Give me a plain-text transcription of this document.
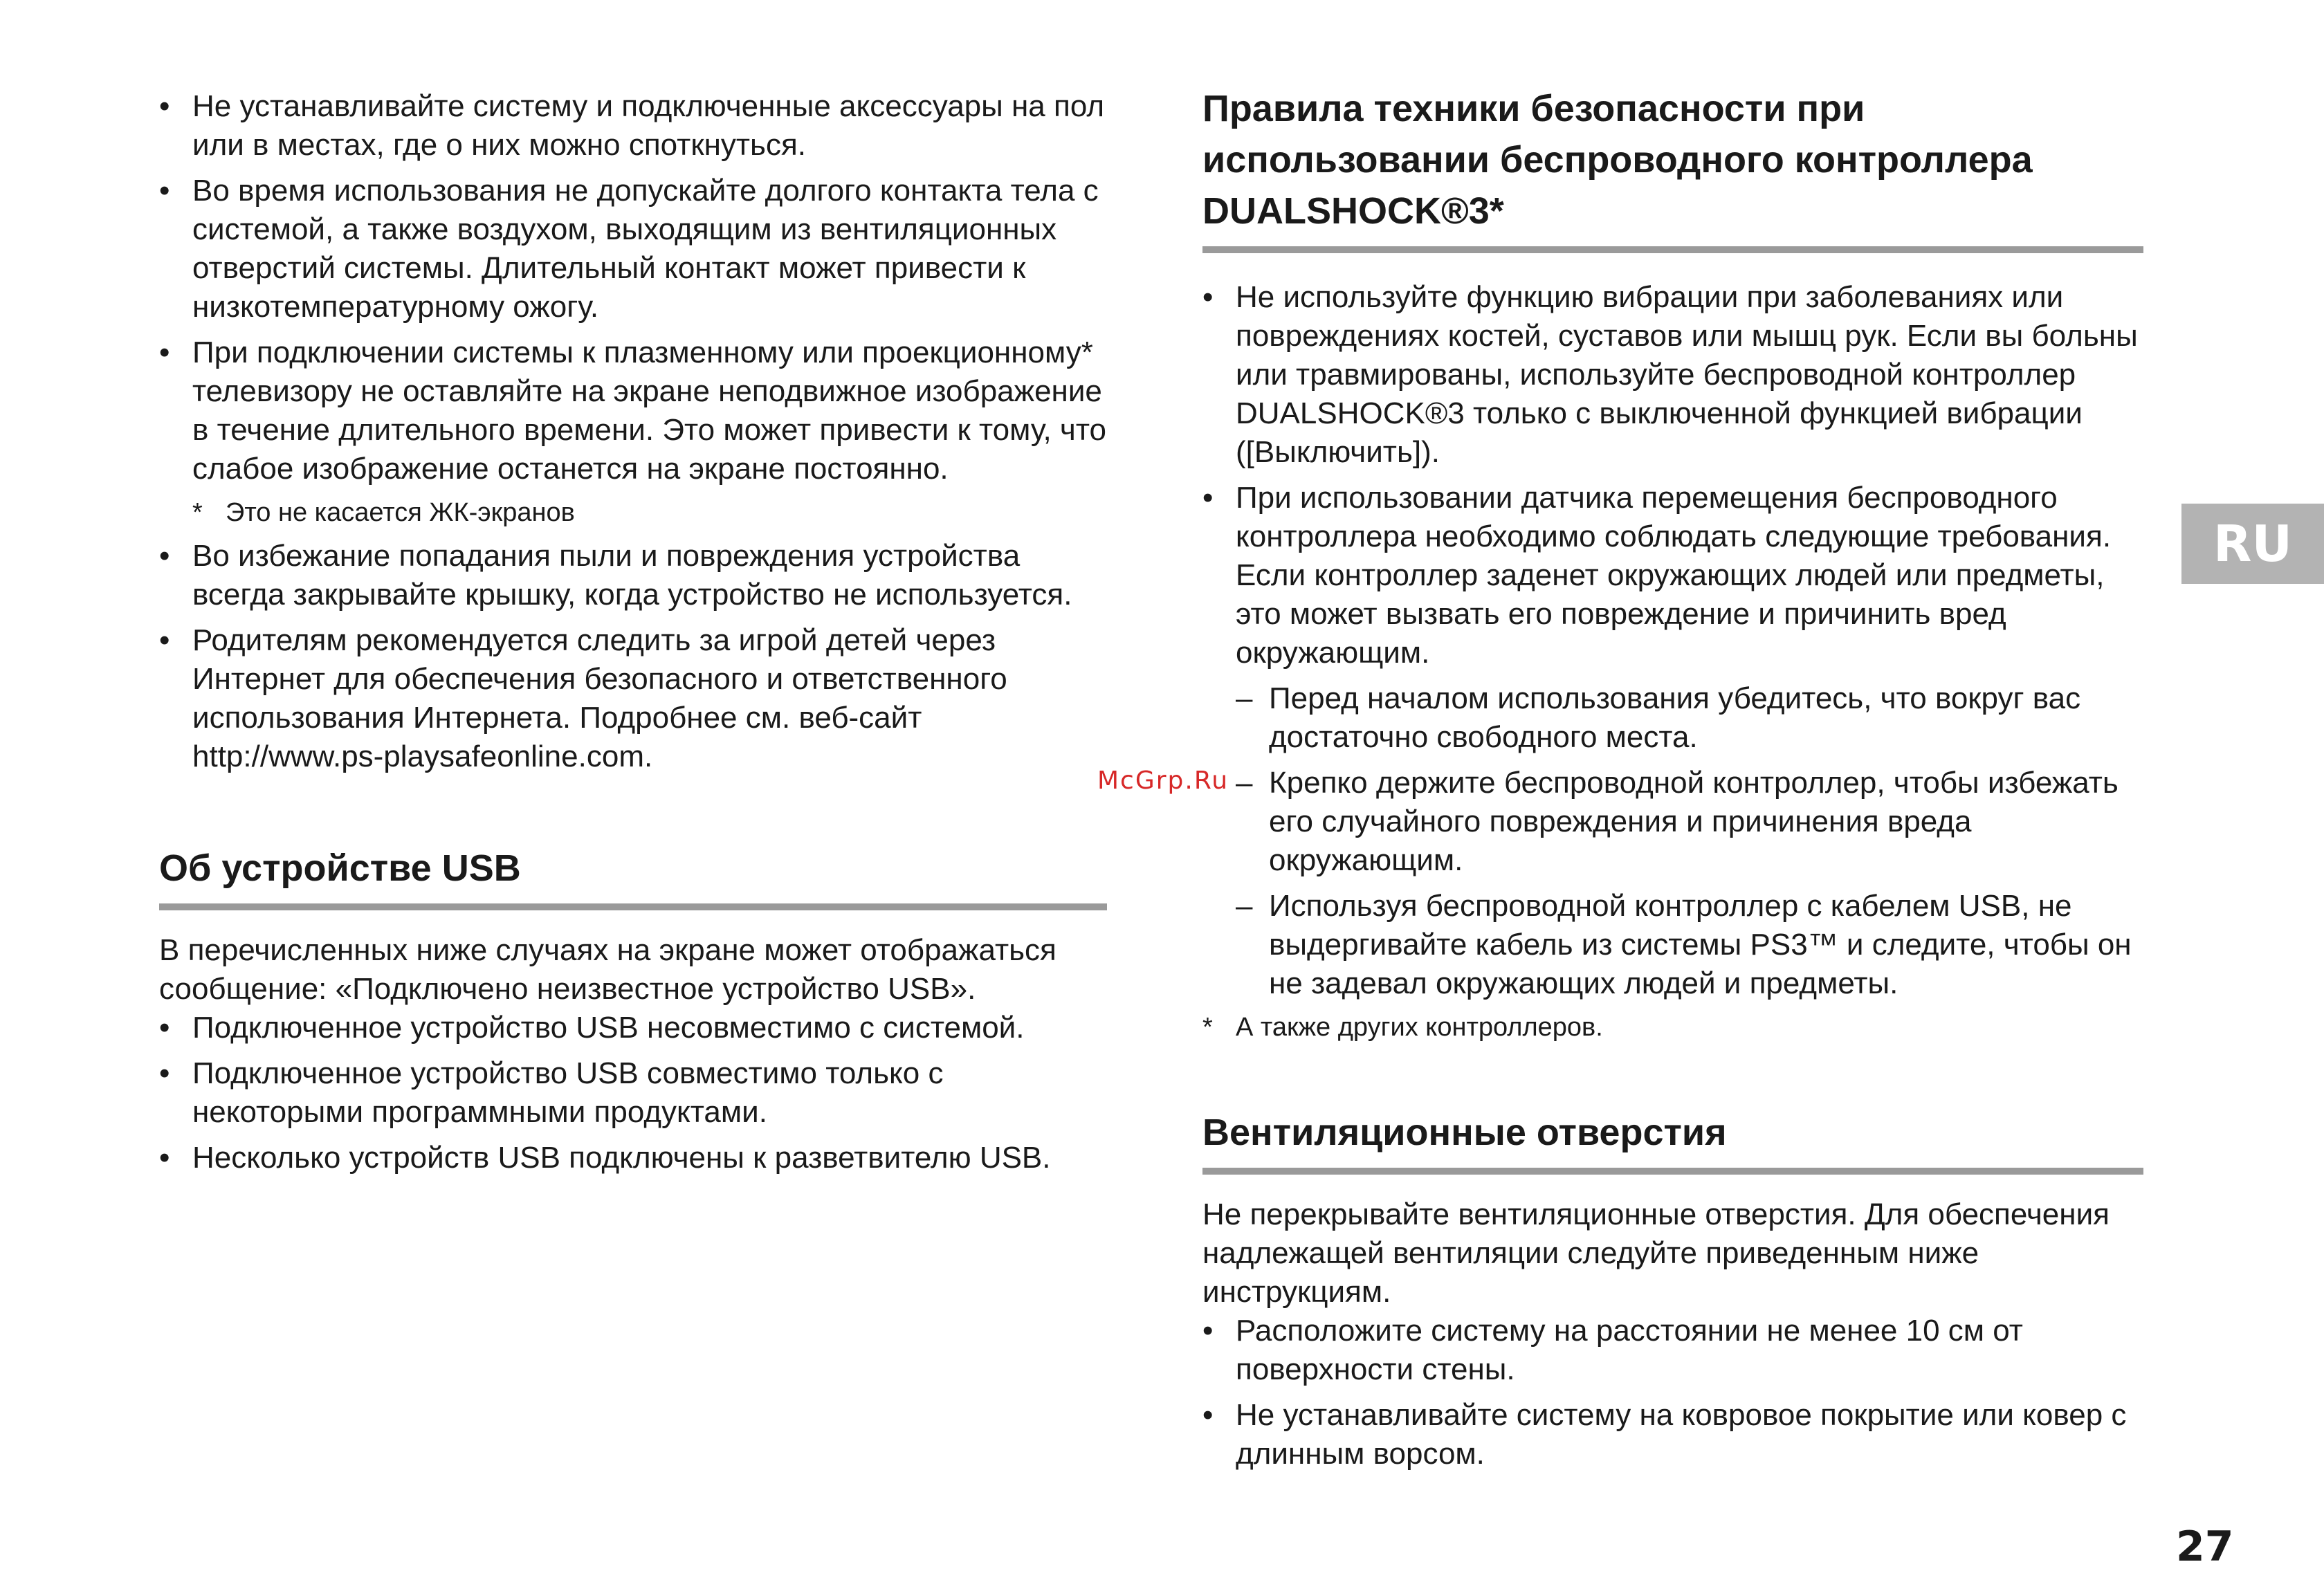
• Не устанавливайте систему и подключенные аксессуары на пол или в местах, где о них можно споткнуться.
• Во время использования не допускайте долгого контакта тела с системой, а также воздухом, выходящим из вентиляционных отверстий системы. Длительный контакт может привести к низкотемпературному ожогу.
• При подключении системы к плазменному или проекционному* телевизору не оставляйте на экране неподвижное изображение в течение длительного времени. Это может привести к тому, что слабое изображение останется на экране постоянно.
* Это не касается ЖК-экранов
• Во избежание попадания пыли и повреждения устройства всегда закрывайте крышку, когда устройство не используется.
• Родителям рекомендуется следить за игрой детей через Интернет для обеспечения безопасного и ответственного использования Интернета. Подробнее см. веб-сайт http://www.ps-playsafeonline.com.
Об устройстве USB

В перечисленных ниже случаях на экране может отображаться сообщение: «Подключено неизвестное устройство USB».

• Подключенное устройство USB несовместимо с системой.
• Подключенное устройство USB совместимо только с некоторыми программными продуктами.
• Несколько устройств USB подключены к разветвителю USB.
Правила техники безопасности при использовании беспроводного контроллера DUALSHOCK®3*
• Не используйте функцию вибрации при заболеваниях или повреждениях костей, суставов или мышц рук. Если вы больны или травмированы, используйте беспроводной контроллер DUALSHOCK®3 только с выключенной функцией вибрации ([Выключить]).
• При использовании датчика перемещения беспроводного контроллера необходимо соблюдать следующие требования. Если контроллер заденет окружающих людей или предметы, это может вызвать его повреждение и причинить вред окружающим.
– Перед началом использования убедитесь, что вокруг вас достаточно свободного места.
– Крепко держите беспроводной контроллер, чтобы избежать его случайного повреждения и причинения вреда окружающим.
– Используя беспроводной контроллер с кабелем USB, не выдергивайте кабель из системы PS3™ и следите, чтобы он не задевал окружающих людей и предметы.
* А также других контроллеров.
Вентиляционные отверстия

Не перекрывайте вентиляционные отверстия. Для обеспечения надлежащей вентиляции следуйте приведенным ниже инструкциям.

• Расположите систему на расстоянии не менее 10 см от поверхности стены.
• Не устанавливайте систему на ковровое покрытие или ковер с длинным ворсом.
RU
McGrp.Ru
27
